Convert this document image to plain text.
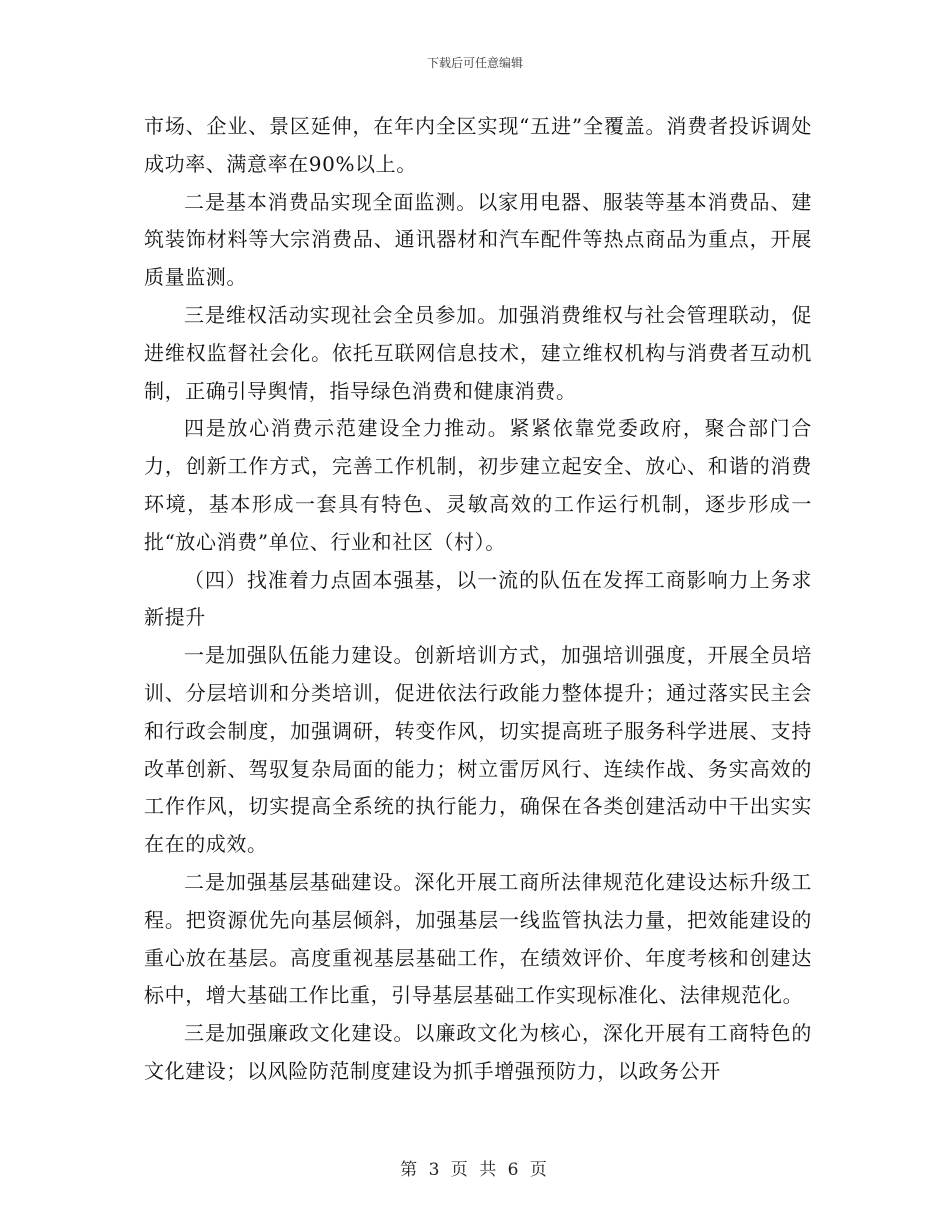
下载后可任意编辑

市场、企业、景区延伸，在年内全区实现“五进”全覆盖。消费者投诉调处成功率、满意率在90%以上。

二是基本消费品实现全面监测。以家用电器、服装等基本消费品、建筑装饰材料等大宗消费品、通讯器材和汽车配件等热点商品为重点，开展质量监测。

三是维权活动实现社会全员参加。加强消费维权与社会管理联动，促进维权监督社会化。依托互联网信息技术，建立维权机构与消费者互动机制，正确引导舆情，指导绿色消费和健康消费。

四是放心消费示范建设全力推动。紧紧依靠党委政府，聚合部门合力，创新工作方式，完善工作机制，初步建立起安全、放心、和谐的消费环境，基本形成一套具有特色、灵敏高效的工作运行机制，逐步形成一批“放心消费”单位、行业和社区（村）。

（四）找准着力点固本强基，以一流的队伍在发挥工商影响力上务求新提升

一是加强队伍能力建设。创新培训方式，加强培训强度，开展全员培训、分层培训和分类培训，促进依法行政能力整体提升；通过落实民主会和行政会制度，加强调研，转变作风，切实提高班子服务科学进展、支持改革创新、驾驭复杂局面的能力；树立雷厉风行、连续作战、务实高效的工作作风，切实提高全系统的执行能力，确保在各类创建活动中干出实实在在的成效。

二是加强基层基础建设。深化开展工商所法律规范化建设达标升级工程。把资源优先向基层倾斜，加强基层一线监管执法力量，把效能建设的重心放在基层。高度重视基层基础工作，在绩效评价、年度考核和创建达标中，增大基础工作比重，引导基层基础工作实现标准化、法律规范化。

三是加强廉政文化建设。以廉政文化为核心，深化开展有工商特色的文化建设；以风险防范制度建设为抓手增强预防力，以政务公开

第 3 页 共 6 页
